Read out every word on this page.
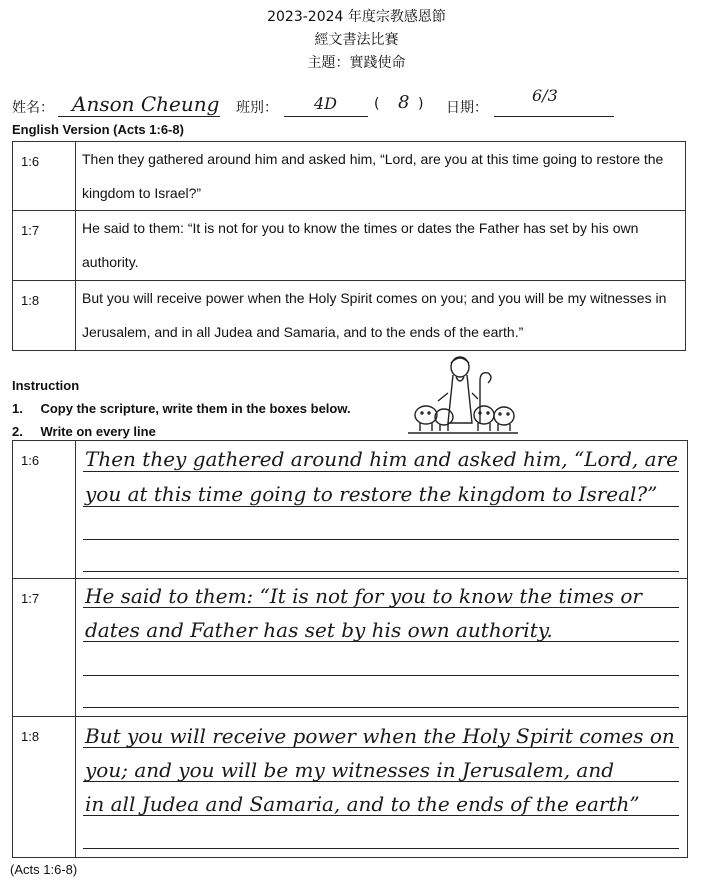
2023-2024 年度宗教感恩節
經文書法比賽
主題：實踐使命
姓名： Anson Cheung 班別： 4D	( 8 ) 日期：
6/3
English Version (Acts 1:6-8)
1:6	Then they gathered around him and asked him, “Lord, are you at this time going to restore the kingdom to Israel?”
1:7	He said to them: “It is not for you to know the times or dates the Father has set by his own authority.
1:8	But you will receive power when the Holy Spirit comes on you; and you will be my witnesses in Jerusalem, and in all Judea and Samaria, and to the ends of the earth.”
Instruction
1. Copy the scripture, write them in the boxes below.
2. Write on every line
1:6 Then they gathered around him and asked him, “Lord, are
you at this time going to restore the kingdom to Isreal?”
1:7 He said to them: “It is not for you to know the times or
dates and Father has set by his own authority.
1:8 But you will receive power when the Holy Spirit comes on
you; and you will be my witnesses in Jerusalem, and
in all Judea and Samaria, and to the ends of the earth”
(Acts 1:6-8)
